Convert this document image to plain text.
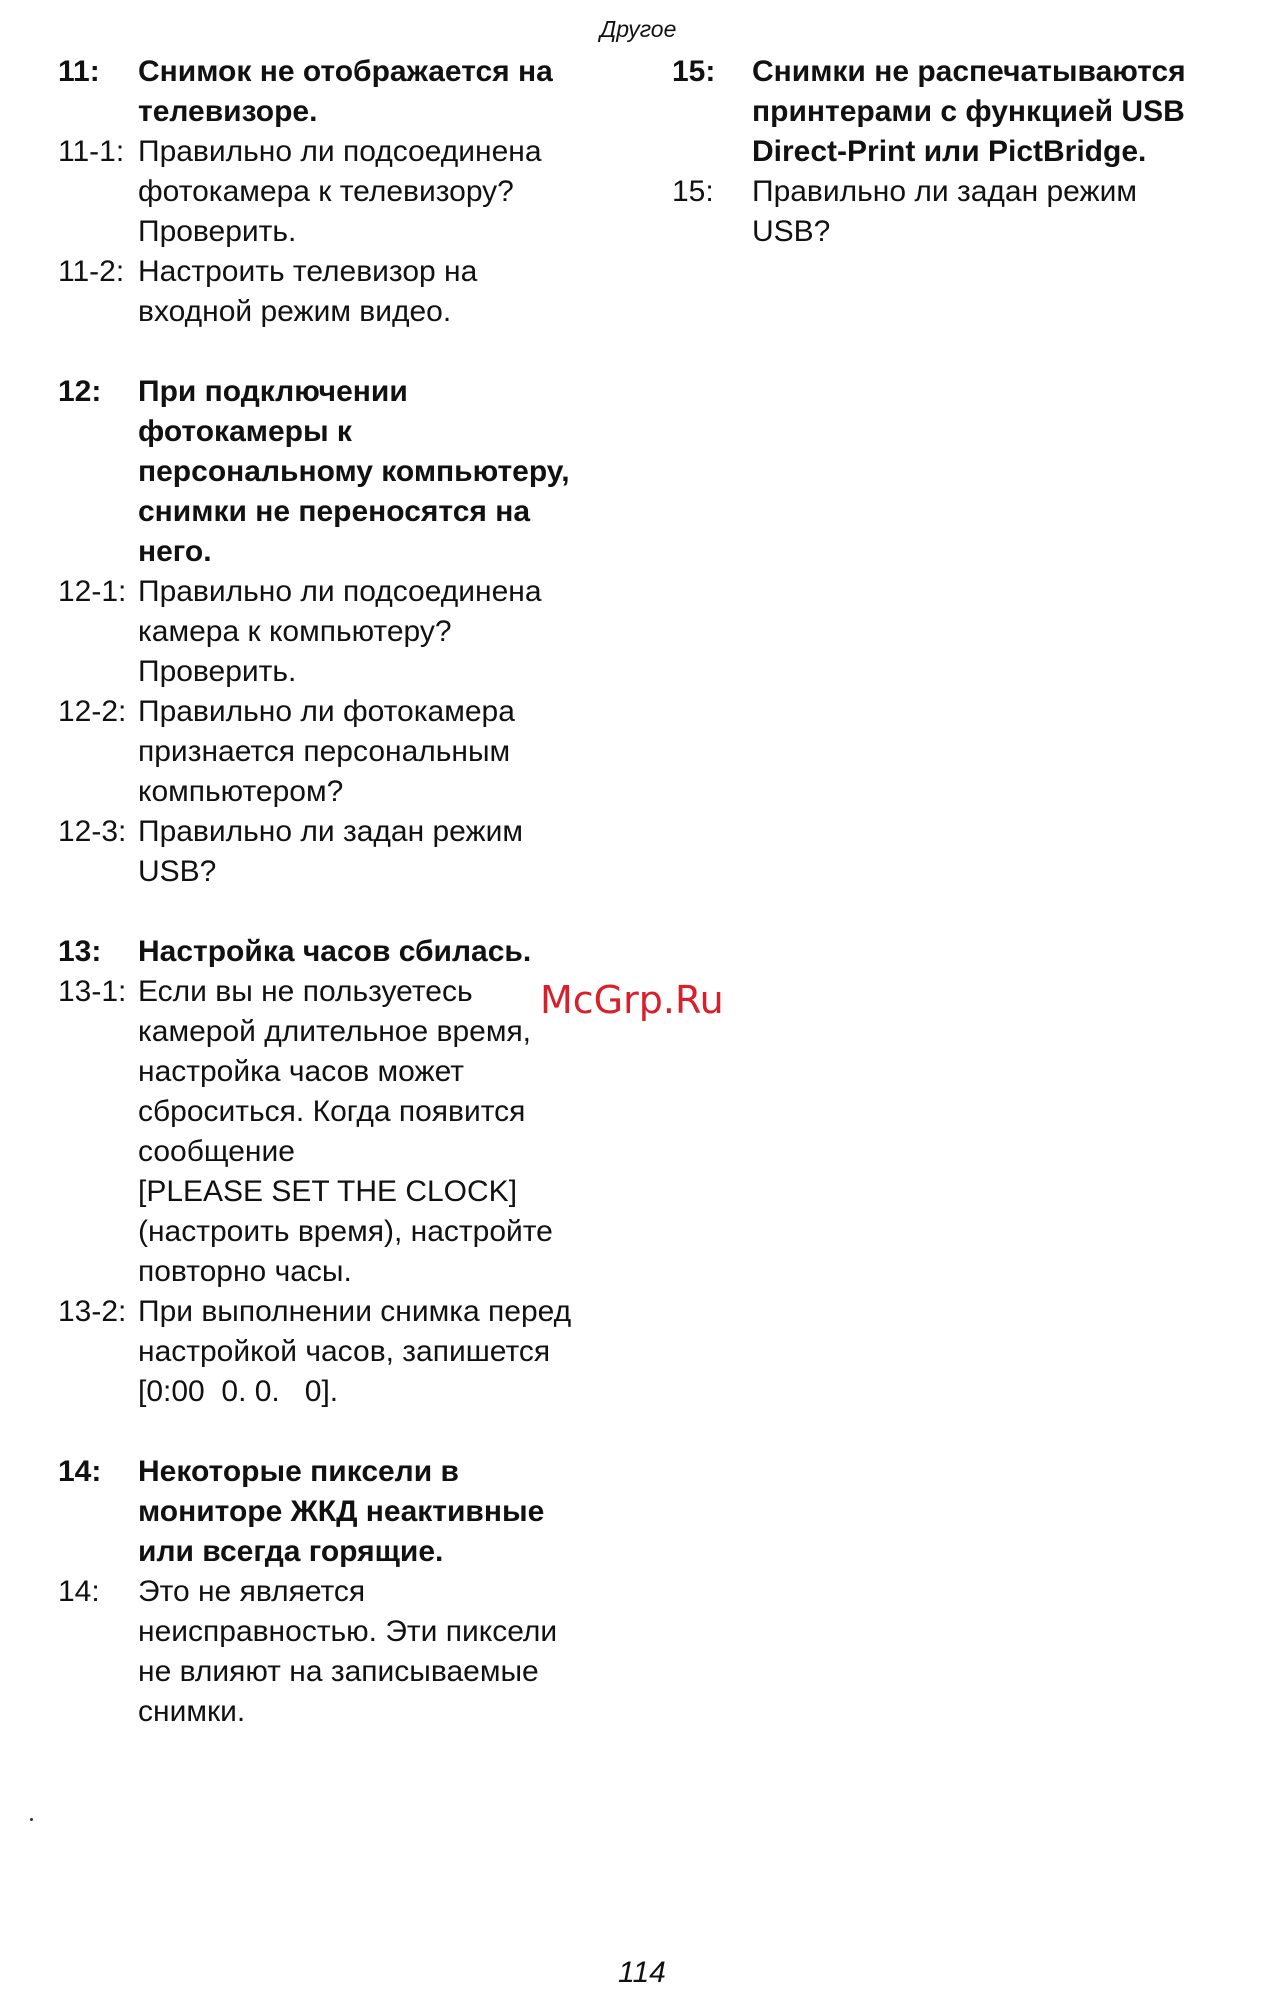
Другое
11:	Снимок не отображается на
телевизоре.
11-1: Правильно ли подсоединена
фотокамера к телевизору?
Проверить.
11-2: Настроить телевизор на
входной режим видео.
12:	При подключении
фотокамеры к
персональному компьютеру,
снимки не переносятся на
него.
12-1: Правильно ли подсоединена
камера к компьютеру?
Проверить.
12-2: Правильно ли фотокамера
признается персональным
компьютером?
12-3: Правильно ли задан режим
USB?
13:	Настройка часов сбилась.
13-1: Если вы не пользуетесь
камерой длительное время,
настройка часов может
сброситься. Когда появится
сообщение
[PLEASE SET THE CLOCK]
(настроить время), настройте
повторно часы.
13-2: При выполнении снимка перед
настройкой часов, запишется
[0:00  0. 0.   0].
14:	Некоторые пиксели в
мониторе ЖКД неактивные
или всегда горящие.
14:	Это не является
неисправностью. Эти пиксели
не влияют на записываемые
снимки.
15:	Снимки не распечатываются
принтерами с функцией USB
Direct-Print или PictBridge.
15:	Правильно ли задан режим
USB?
McGrp.Ru
114
